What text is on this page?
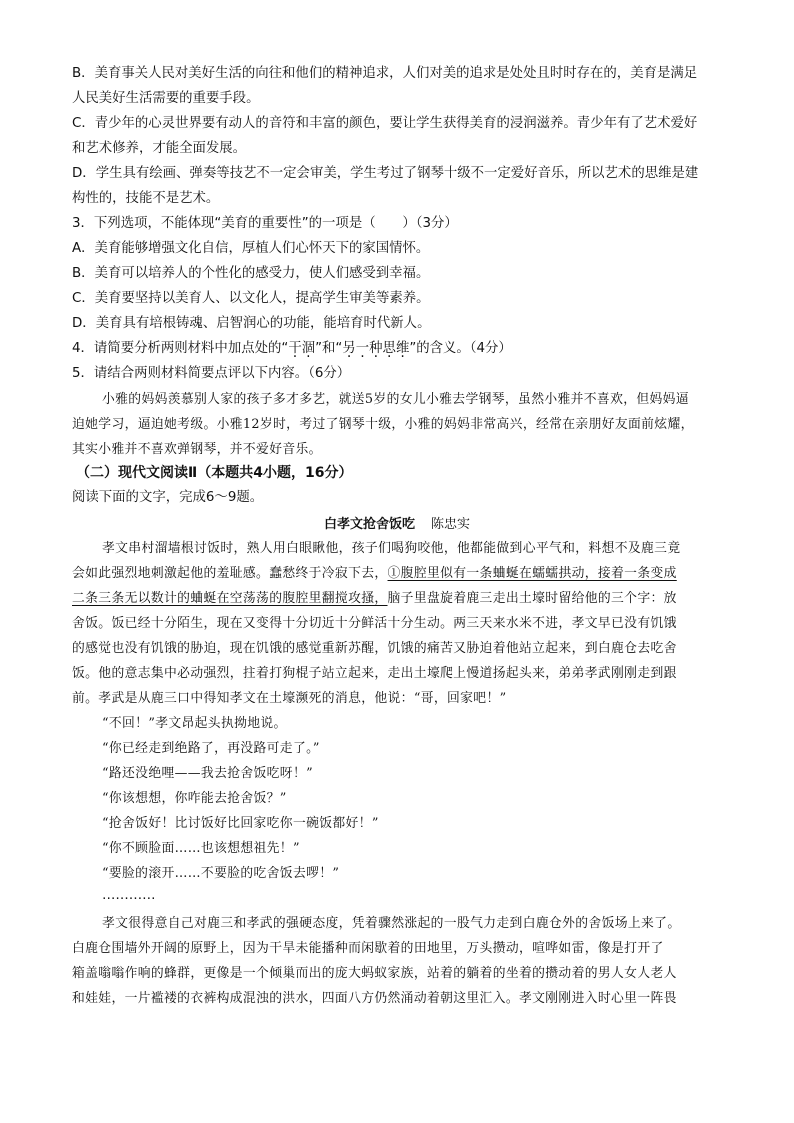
B．美育事关人民对美好生活的向往和他们的精神追求，人们对美的追求是处处且时时存在的，美育是满足
人民美好生活需要的重要手段。
C．青少年的心灵世界要有动人的音符和丰富的颜色，要让学生获得美育的浸润滋养。青少年有了艺术爱好
和艺术修养，才能全面发展。
D．学生具有绘画、弹奏等技艺不一定会审美，学生考过了钢琴十级不一定爱好音乐，所以艺术的思维是建
构性的，技能不是艺术。
3．下列选项，不能体现“美育的重要性”的一项是（　　）（3分）
A．美育能够增强文化自信，厚植人们心怀天下的家国情怀。
B．美育可以培养人的个性化的感受力，使人们感受到幸福。
C．美育要坚持以美育人、以文化人，提高学生审美等素养。
D．美育具有培根铸魂、启智润心的功能，能培育时代新人。
4．请简要分析两则材料中加点处的“干涸”和“另一种思维”的含义。（4分）
5．请结合两则材料简要点评以下内容。（6分）
小雅的妈妈羡慕别人家的孩子多才多艺，就送5岁的女儿小雅去学钢琴，虽然小雅并不喜欢，但妈妈逼
迫她学习，逼迫她考级。小雅12岁时，考过了钢琴十级，小雅的妈妈非常高兴，经常在亲朋好友面前炫耀，
其实小雅并不喜欢弹钢琴，并不爱好音乐。
（二）现代文阅读Ⅱ（本题共4小题，16分）
阅读下面的文字，完成6～9题。
白孝文抢舍饭吃 陈忠实
孝文串村溜墙根讨饭时，熟人用白眼瞅他，孩子们喝狗咬他，他都能做到心平气和，料想不及鹿三竟
会如此强烈地刺激起他的羞耻感。蠢愁终于冷寂下去，①腹腔里似有一条蛐蜒在蠕蠕拱动，接着一条变成
二条三条无以数计的蛐蜒在空荡荡的腹腔里翻搅攻搔，脑子里盘旋着鹿三走出土壕时留给他的三个字：放
舍饭。饭已经十分陌生，现在又变得十分切近十分鲜活十分生动。两三天来水米不进，孝文早已没有饥饿
的感觉也没有饥饿的胁迫，现在饥饿的感觉重新苏醒，饥饿的痛苦又胁迫着他站立起来，到白鹿仓去吃舍
饭。他的意志集中必动强烈，拄着打狗棍子站立起来，走出土壕爬上慢道扬起头来，弟弟孝武刚刚走到跟
前。孝武是从鹿三口中得知孝文在土壕濒死的消息，他说：“哥，回家吧！”
“不回！”孝文昂起头执拗地说。
“你已经走到绝路了，再没路可走了。”
“路还没绝哩——我去抢舍饭吃呀！”
“你该想想，你咋能去抢舍饭？”
“抢舍饭好！比讨饭好比回家吃你一碗饭都好！”
“你不顾脸面……也该想想祖先！”
“要脸的滚开……不要脸的吃舍饭去啰！”
…………
孝文很得意自己对鹿三和孝武的强硬态度，凭着骤然涨起的一股气力走到白鹿仓外的舍饭场上来了。
白鹿仓围墙外开阔的原野上，因为干旱未能播种而闲歇着的田地里，万头攒动，喧哗如雷，像是打开了
箱盖嗡嗡作响的蜂群，更像是一个倾巢而出的庞大蚂蚁家族，站着的躺着的坐着的攒动着的男人女人老人
和娃娃，一片褴褛的衣裤构成混浊的洪水，四面八方仍然涌动着朝这里汇入。孝文刚刚进入时心里一阵畏
